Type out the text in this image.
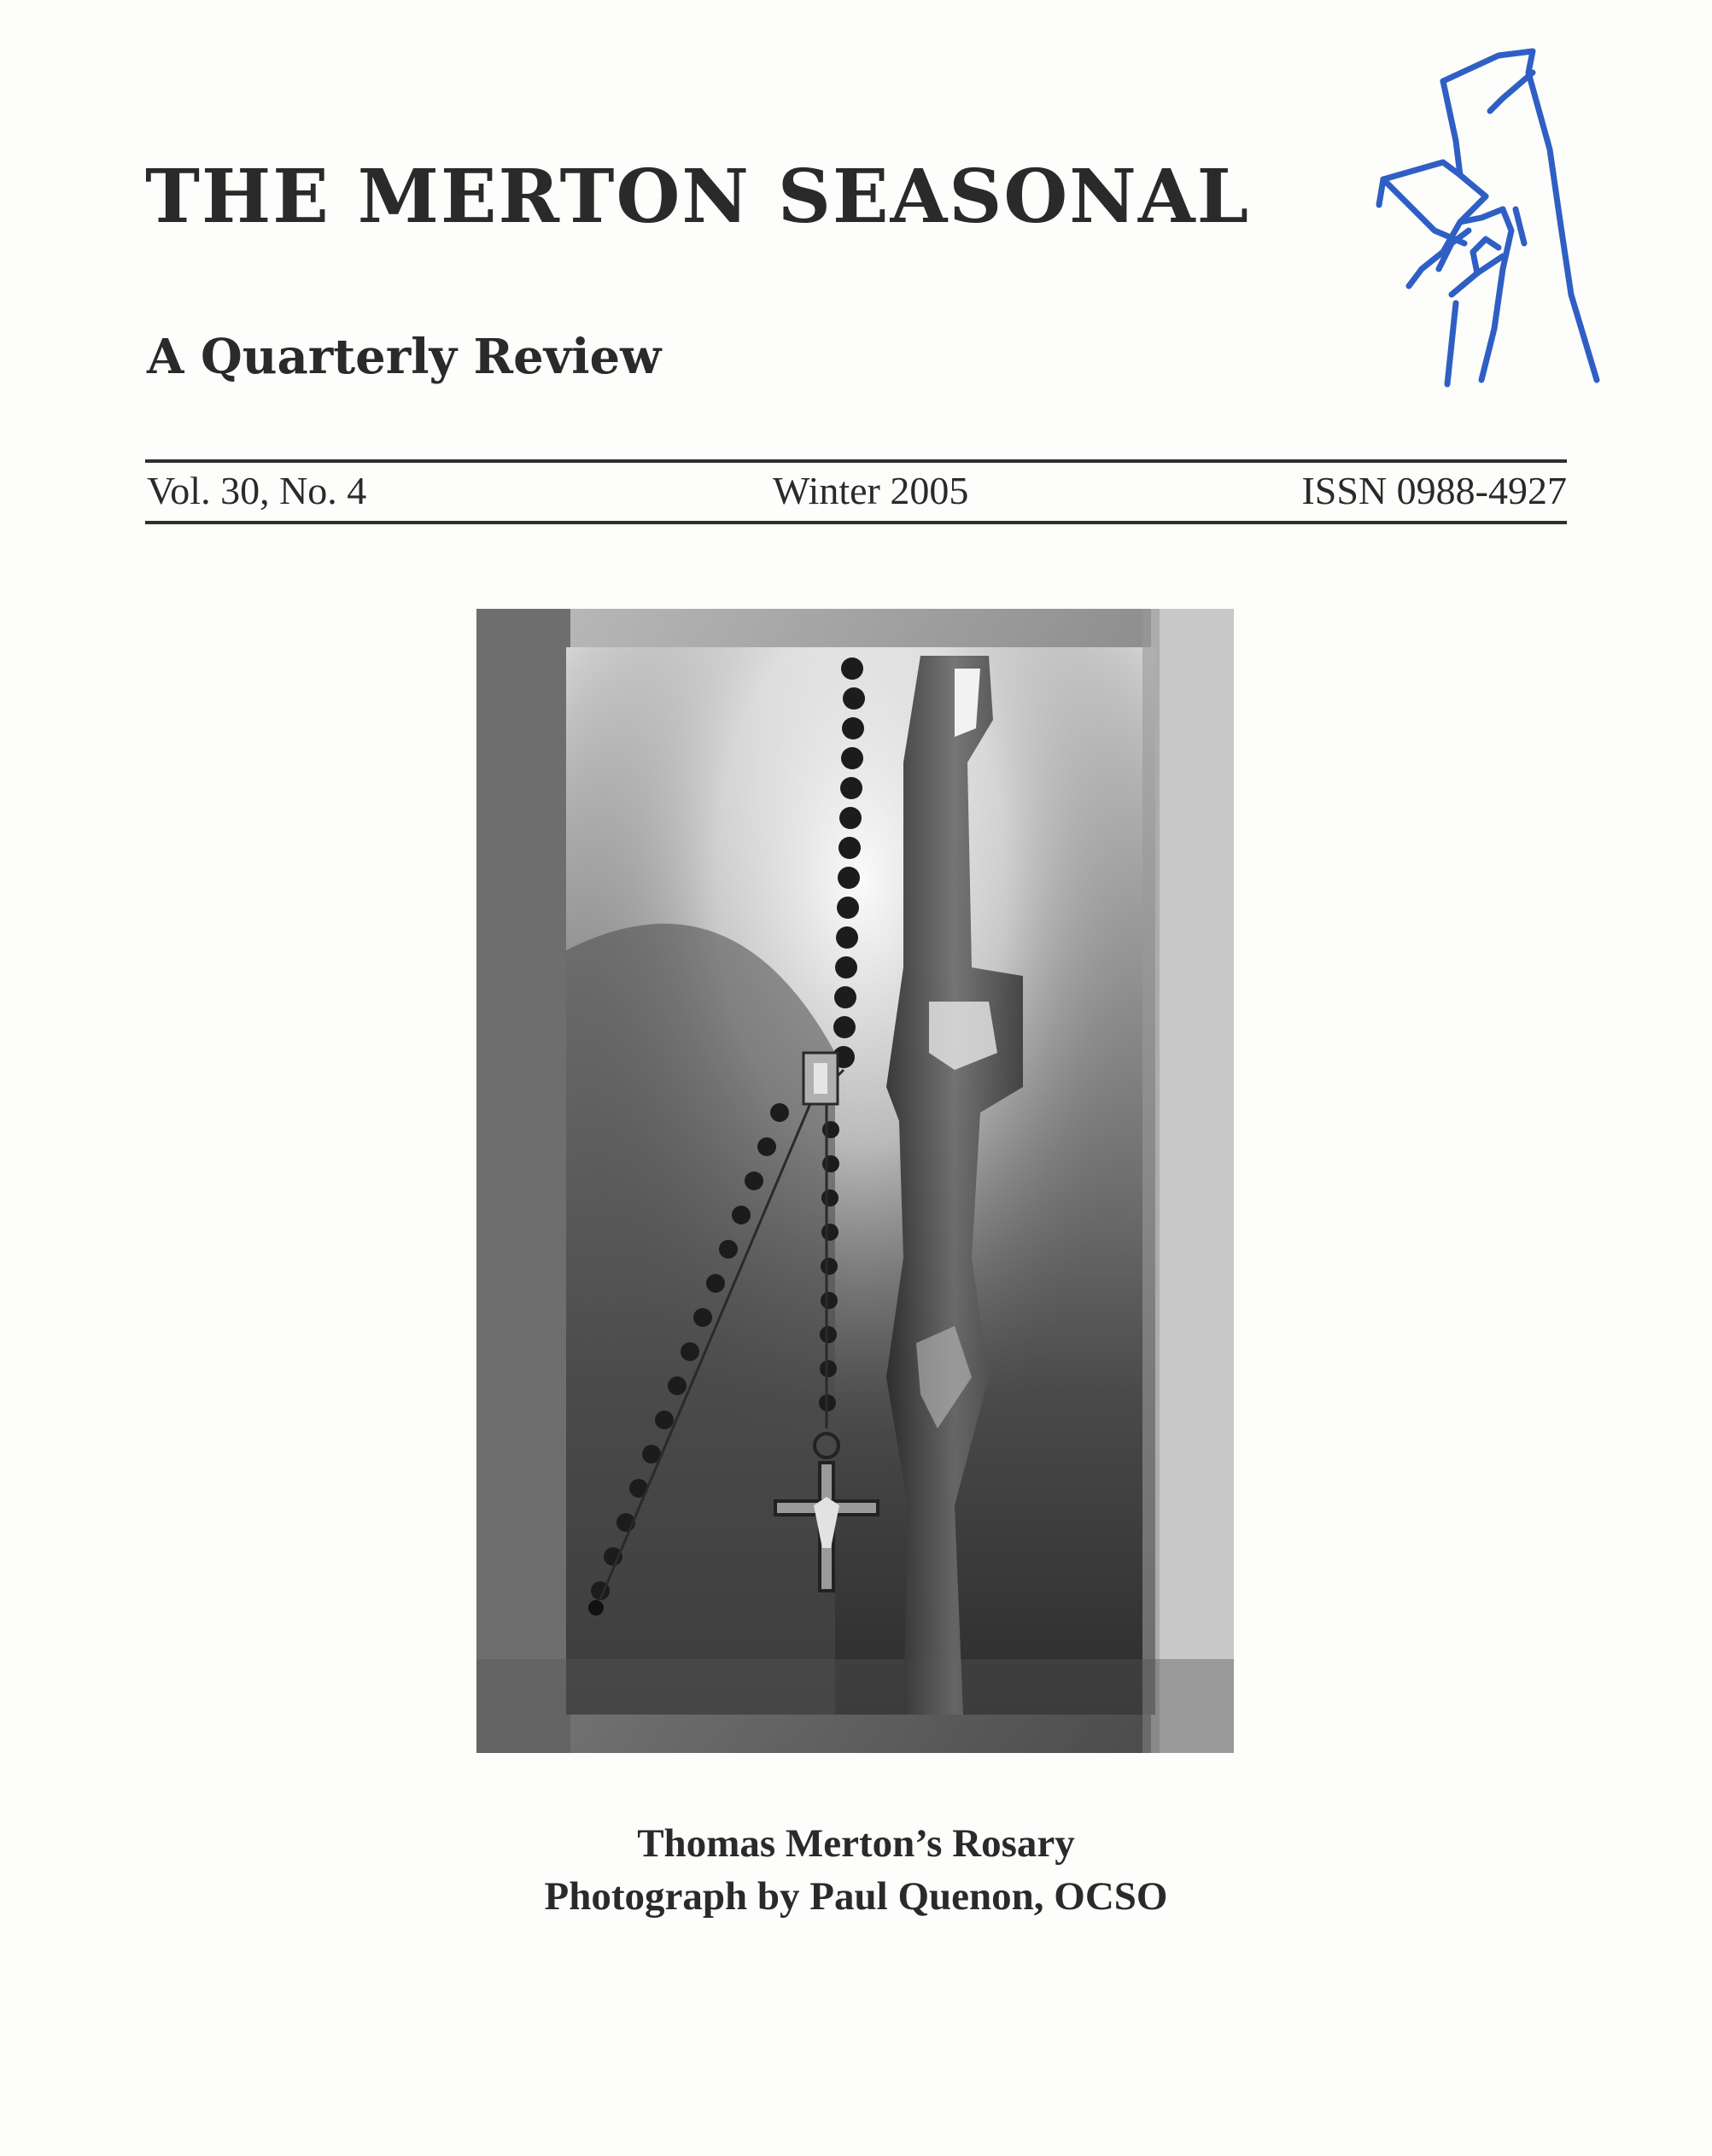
THE MERTON SEASONAL
A Quarterly Review
Vol. 30, No. 4	Winter 2005	ISSN 0988-4927
Thomas Merton’s Rosary
Photograph by Paul Quenon, OCSO
